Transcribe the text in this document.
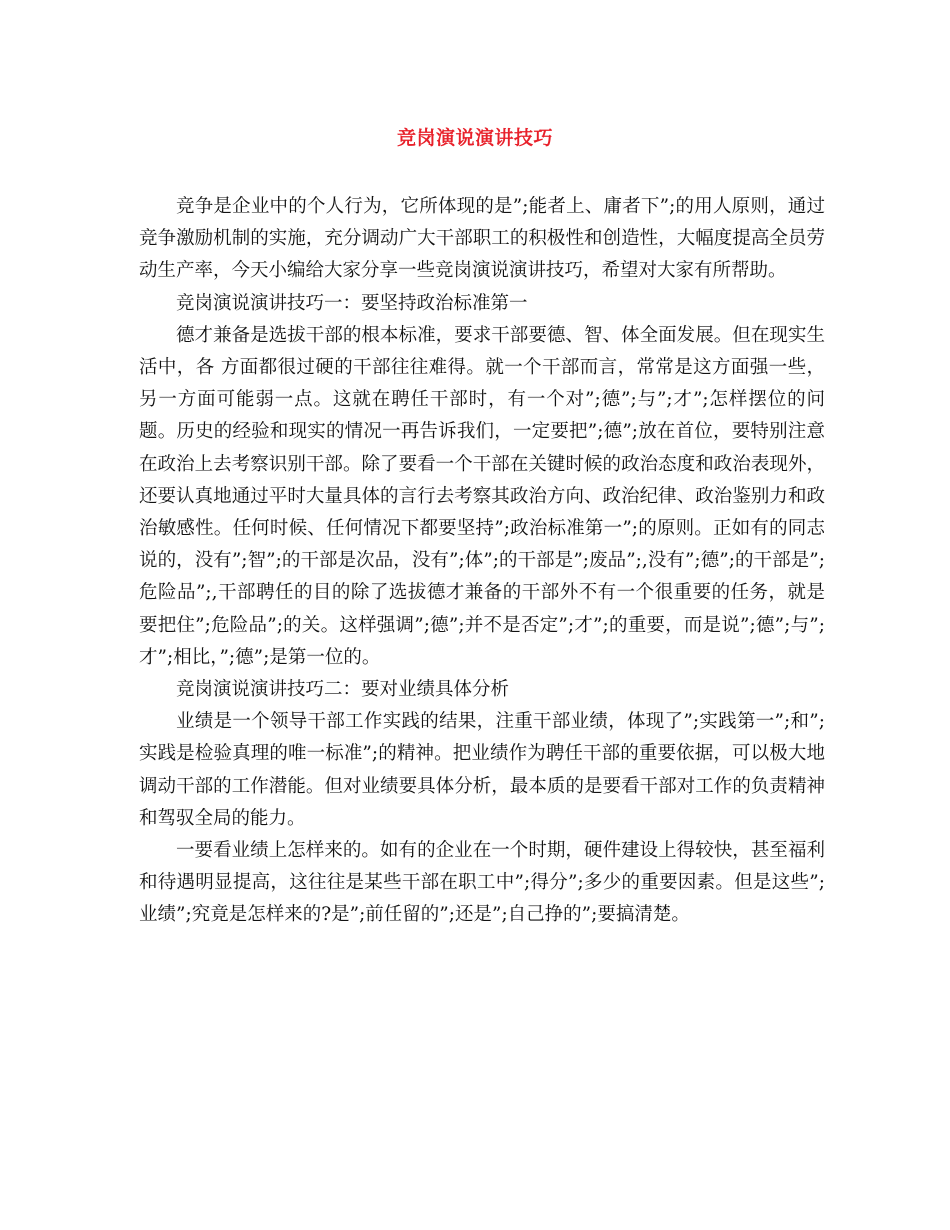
竞岗演说演讲技巧

竞争是企业中的个人行为，它所体现的是”;能者上、庸者下”;的用人原则，通过竞争激励机制的实施，充分调动广大干部职工的积极性和创造性，大幅度提高全员劳动生产率，今天小编给大家分享一些竞岗演说演讲技巧，希望对大家有所帮助。

竞岗演说演讲技巧一：要坚持政治标准第一

德才兼备是选拔干部的根本标准，要求干部要德、智、体全面发展。但在现实生活中，各 方面都很过硬的干部往往难得。就一个干部而言，常常是这方面强一些，另一方面可能弱一点。这就在聘任干部时，有一个对”;德”;与”;才”;怎样摆位的问题。历史的经验和现实的情况一再告诉我们，一定要把”;德”;放在首位，要特别注意在政治上去考察识别干部。除了要看一个干部在关键时候的政治态度和政治表现外，还要认真地通过平时大量具体的言行去考察其政治方向、政治纪律、政治鉴别力和政治敏感性。任何时候、任何情况下都要坚持”;政治标准第一”;的原则。正如有的同志说的，没有”;智”;的干部是次品，没有”;体”;的干部是”;废品”;,没有”;德”;的干部是”;危险品”;,干部聘任的目的除了选拔德才兼备的干部外不有一个很重要的任务，就是要把住”;危险品”;的关。这样强调”;德”;并不是否定”;才”;的重要，而是说”;德”;与”;才”;相比，”;德”;是第一位的。

竞岗演说演讲技巧二：要对业绩具体分析

业绩是一个领导干部工作实践的结果，注重干部业绩，体现了”;实践第一”;和”;实践是检验真理的唯一标准”;的精神。把业绩作为聘任干部的重要依据，可以极大地调动干部的工作潜能。但对业绩要具体分析，最本质的是要看干部对工作的负责精神和驾驭全局的能力。

一要看业绩上怎样来的。如有的企业在一个时期，硬件建设上得较快，甚至福利和待遇明显提高，这往往是某些干部在职工中”;得分”;多少的重要因素。但是这些”;业绩”;究竟是怎样来的?是”;前任留的”;还是”;自己挣的”;要搞清楚。
